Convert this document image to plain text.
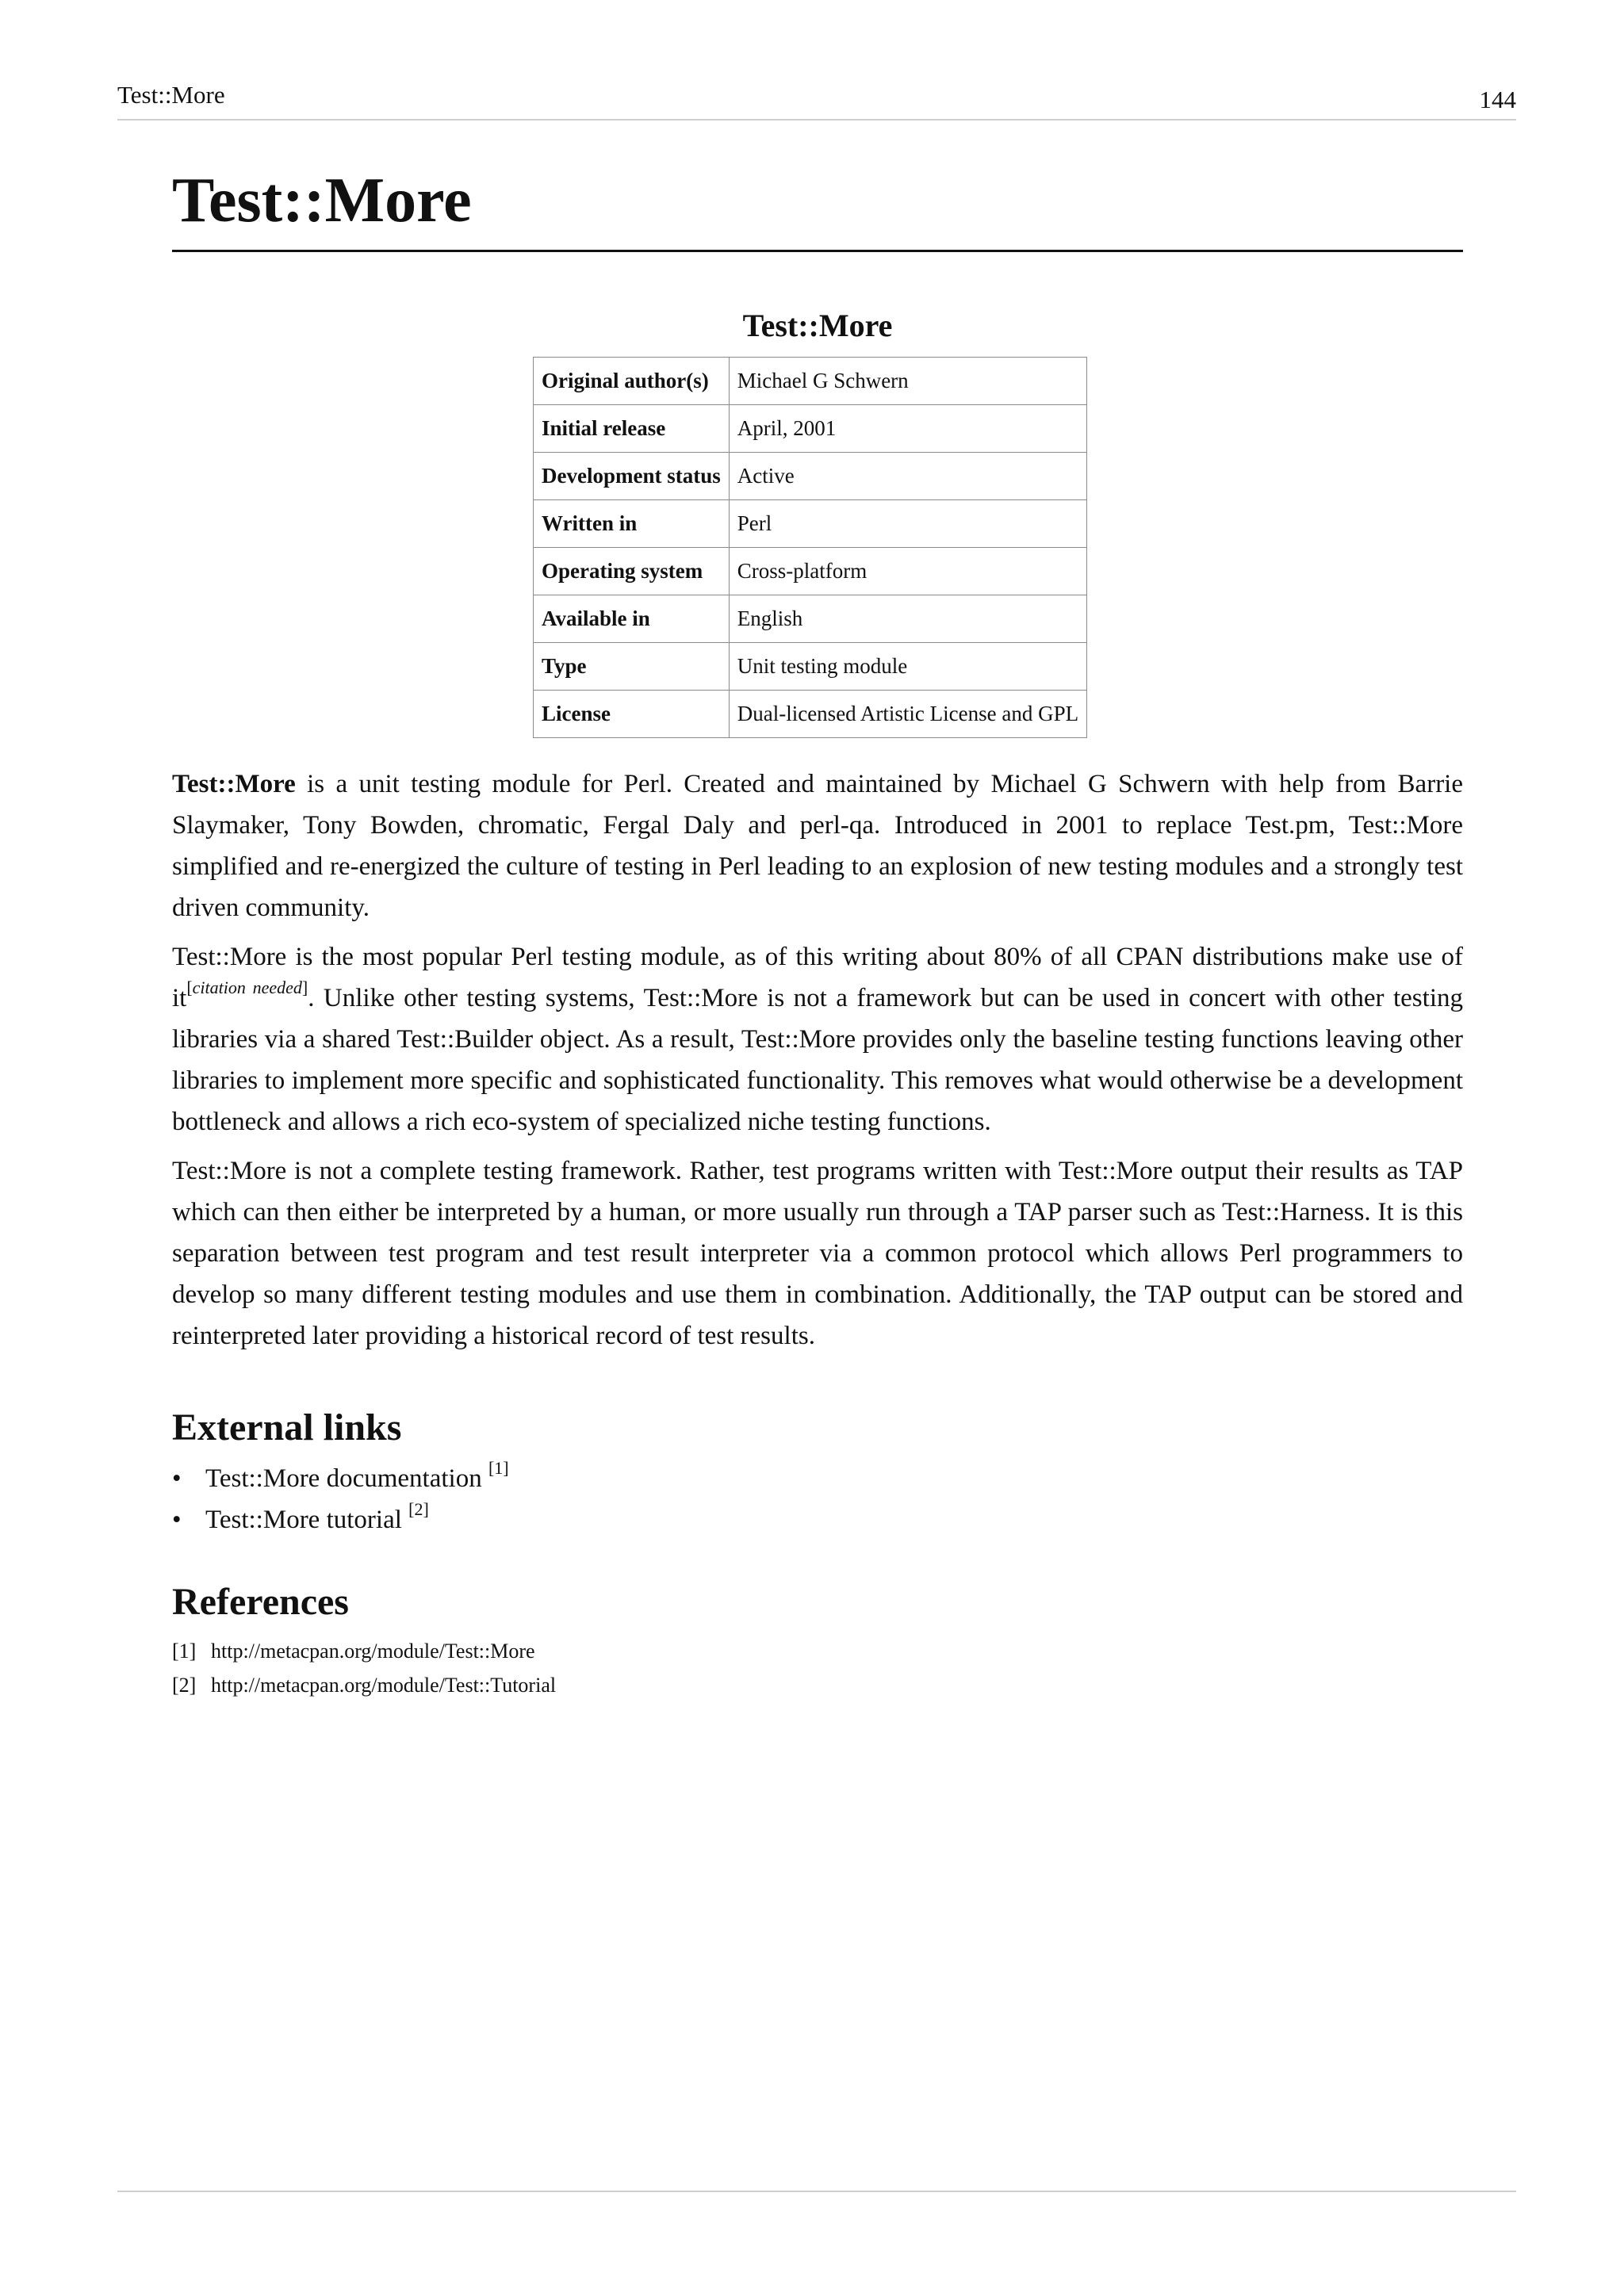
Test::More	144
Test::More
Test::More
Original author(s)	Michael G Schwern
Initial release	April, 2001
Development status	Active
Written in	Perl
Operating system	Cross-platform
Available in	English
Type	Unit testing module
License	Dual-licensed Artistic License and GPL

Test::More is a unit testing module for Perl. Created and maintained by Michael G Schwern with help from Barrie Slaymaker, Tony Bowden, chromatic, Fergal Daly and perl-qa. Introduced in 2001 to replace Test.pm, Test::More simplified and re-energized the culture of testing in Perl leading to an explosion of new testing modules and a strongly test driven community.

Test::More is the most popular Perl testing module, as of this writing about 80% of all CPAN distributions make use of it[citation needed]. Unlike other testing systems, Test::More is not a framework but can be used in concert with other testing libraries via a shared Test::Builder object. As a result, Test::More provides only the baseline testing functions leaving other libraries to implement more specific and sophisticated functionality. This removes what would otherwise be a development bottleneck and allows a rich eco-system of specialized niche testing functions.

Test::More is not a complete testing framework. Rather, test programs written with Test::More output their results as TAP which can then either be interpreted by a human, or more usually run through a TAP parser such as Test::Harness. It is this separation between test program and test result interpreter via a common protocol which allows Perl programmers to develop so many different testing modules and use them in combination. Additionally, the TAP output can be stored and reinterpreted later providing a historical record of test results.

External links
• Test::More documentation [1]
• Test::More tutorial [2]
References
[1] http://metacpan.org/module/Test::More
[2] http://metacpan.org/module/Test::Tutorial
